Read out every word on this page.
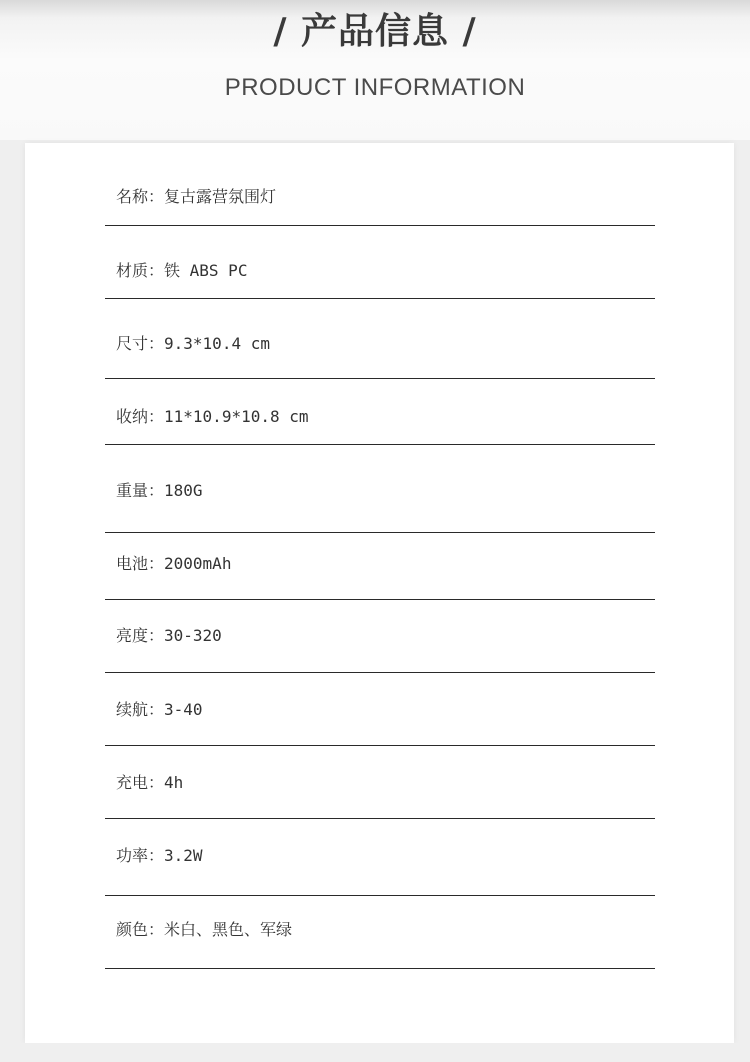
/ 产品信息 /
PRODUCT INFORMATION
名称：复古露营氛围灯
材质：铁 ABS PC
尺寸：9.3*10.4 cm
收纳：11*10.9*10.8 cm
重量：180G
电池：2000mAh
亮度：30-320
续航：3-40
充电：4h
功率：3.2W
颜色：米白、黑色、军绿
